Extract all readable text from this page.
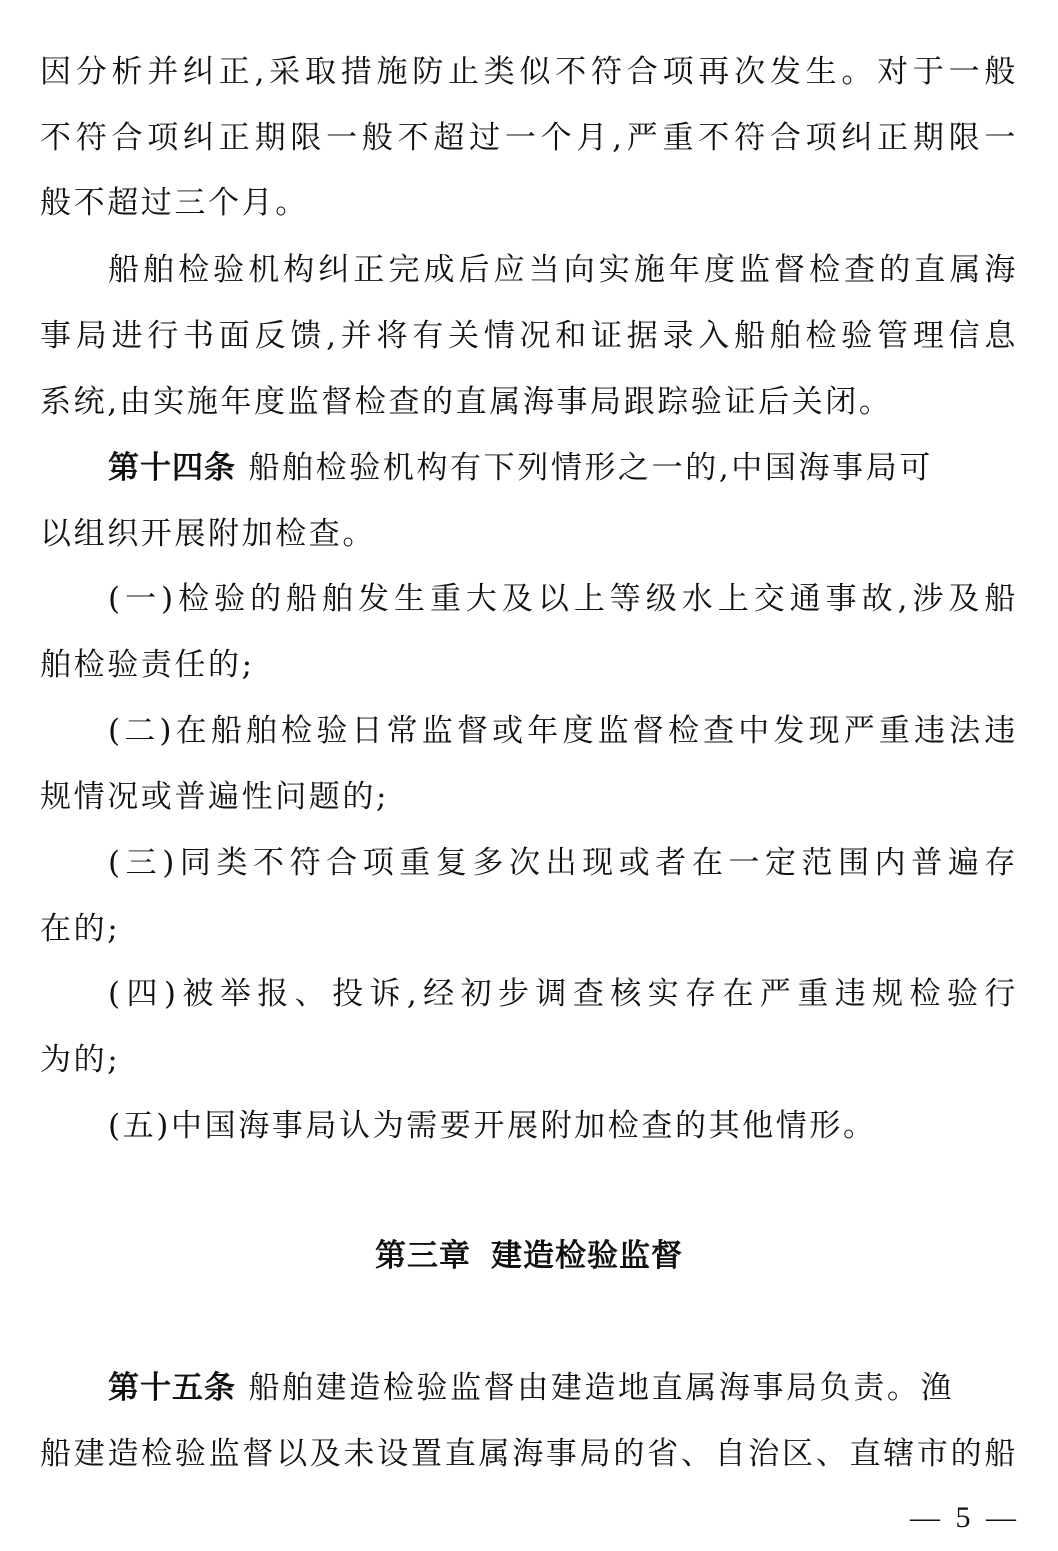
因分析并纠正,采取措施防止类似不符合项再次发生。对于一般
不符合项纠正期限一般不超过一个月,严重不符合项纠正期限一
般不超过三个月。
船舶检验机构纠正完成后应当向实施年度监督检查的直属海
事局进行书面反馈,并将有关情况和证据录入船舶检验管理信息
系统,由实施年度监督检查的直属海事局跟踪验证后关闭。
第十四条 船舶检验机构有下列情形之一的,中国海事局可
以组织开展附加检查。
(一)检验的船舶发生重大及以上等级水上交通事故,涉及船
舶检验责任的;
(二)在船舶检验日常监督或年度监督检查中发现严重违法违
规情况或普遍性问题的;
(三)同类不符合项重复多次出现或者在一定范围内普遍存
在的;
(四)被举报、投诉,经初步调查核实存在严重违规检验行
为的;
(五)中国海事局认为需要开展附加检查的其他情形。
第三章 建造检验监督
第十五条 船舶建造检验监督由建造地直属海事局负责。渔
船建造检验监督以及未设置直属海事局的省、自治区、直辖市的船
— 5 —
